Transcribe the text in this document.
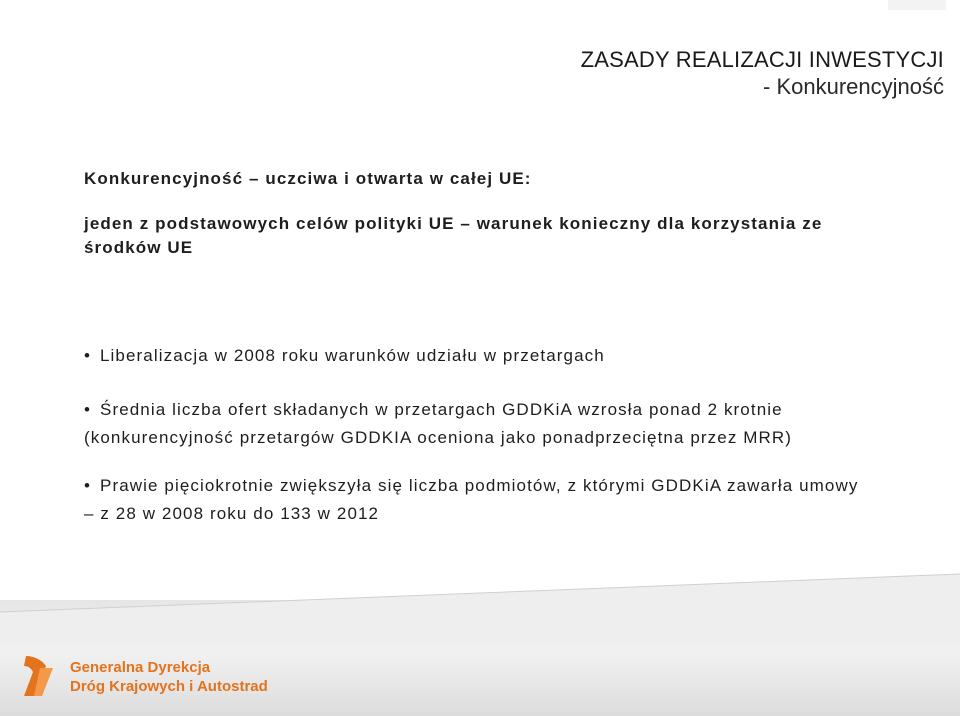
ZASADY REALIZACJI INWESTYCJI
- Konkurencyjność
Konkurencyjność – uczciwa i otwarta w całej UE:
jeden z podstawowych celów polityki UE – warunek konieczny dla korzystania ze środków UE
• Liberalizacja w 2008 roku warunków udziału w przetargach
• Średnia liczba ofert składanych w przetargach GDDKiA wzrosła ponad 2 krotnie
(konkurencyjność przetargów GDDKIA oceniona jako ponadprzeciętna przez MRR)
• Prawie pięciokrotnie zwiększyła się liczba podmiotów, z którymi GDDKiA zawarła umowy
– z 28 w 2008 roku do 133 w 2012
Generalna Dyrekcja
Dróg Krajowych i Autostrad
